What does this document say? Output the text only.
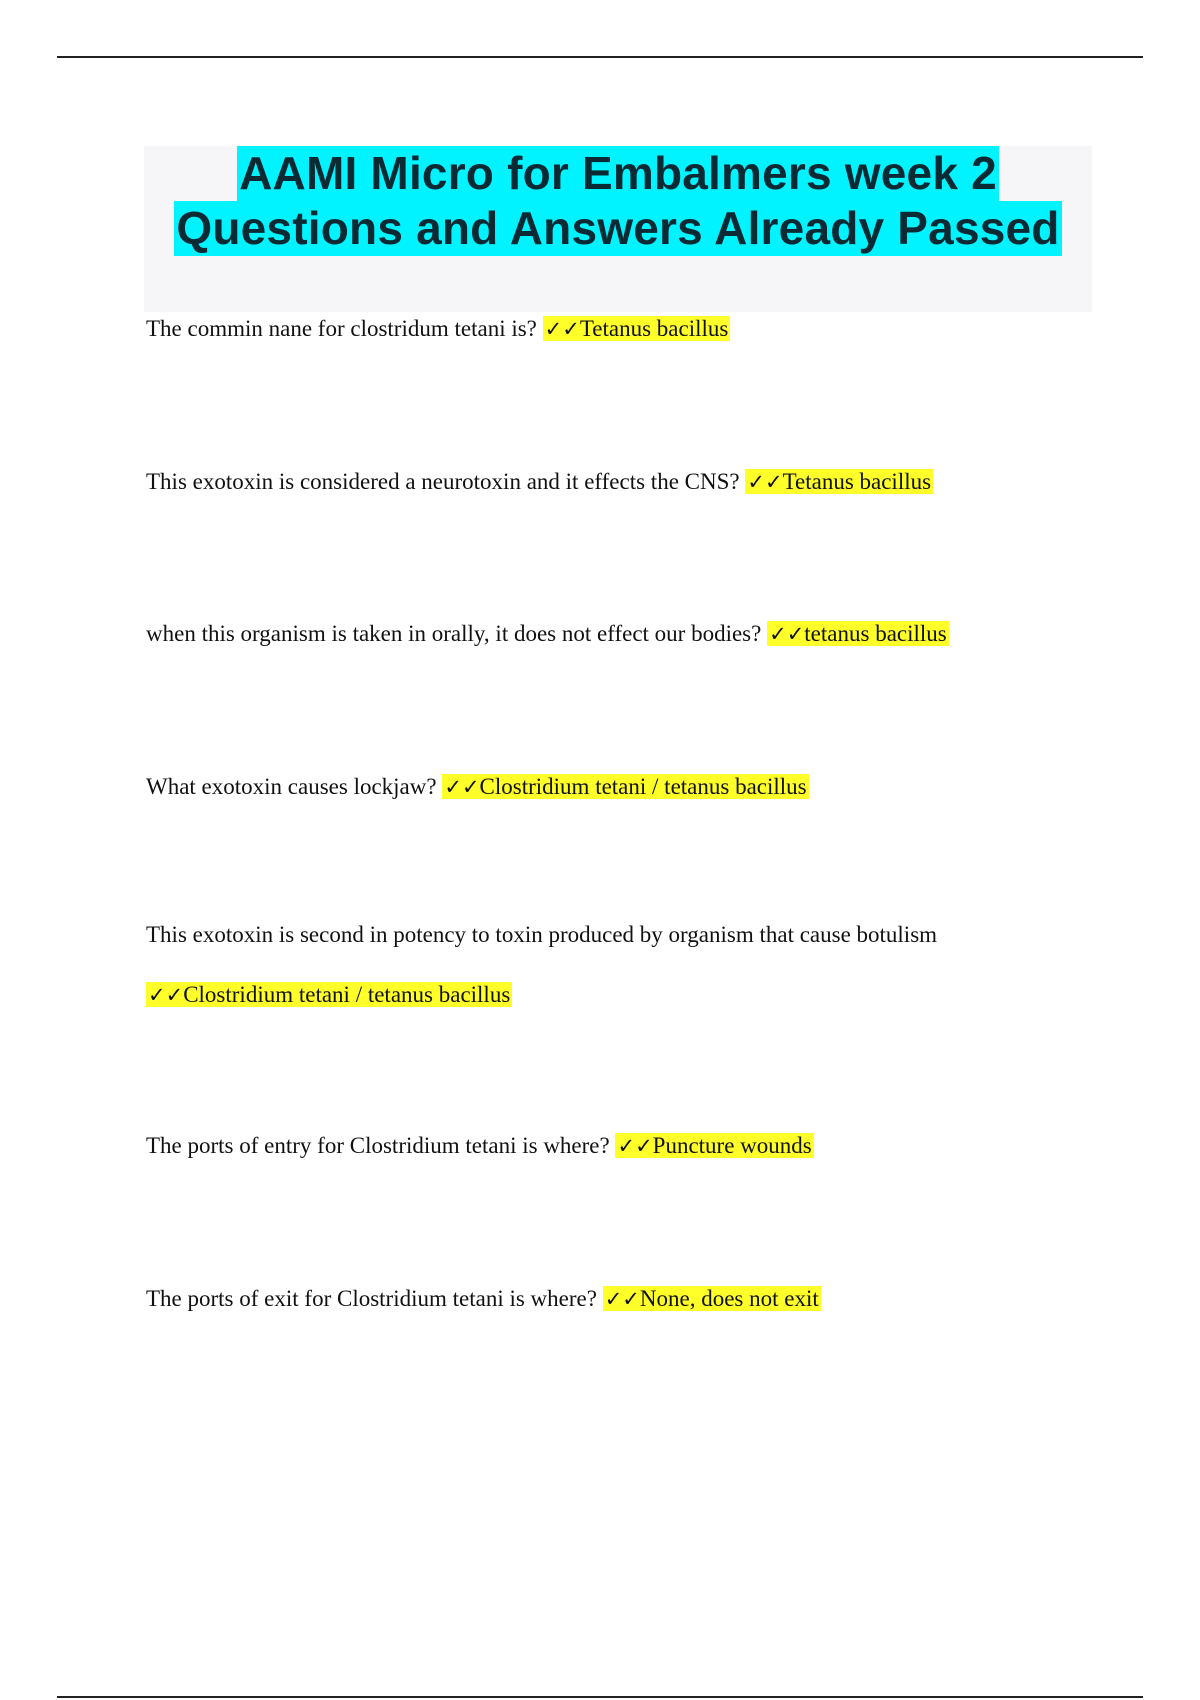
AAMI Micro for Embalmers week 2
Questions and Answers Already Passed
The commin nane for clostridum tetani is? ✓✓Tetanus bacillus
This exotoxin is considered a neurotoxin and it effects the CNS? ✓✓Tetanus bacillus
when this organism is taken in orally, it does not effect our bodies? ✓✓tetanus bacillus
What exotoxin causes lockjaw? ✓✓Clostridium tetani / tetanus bacillus
This exotoxin is second in potency to toxin produced by organism that cause botulism
✓✓Clostridium tetani / tetanus bacillus
The ports of entry for Clostridium tetani is where? ✓✓Puncture wounds
The ports of exit for Clostridium tetani is where? ✓✓None, does not exit
